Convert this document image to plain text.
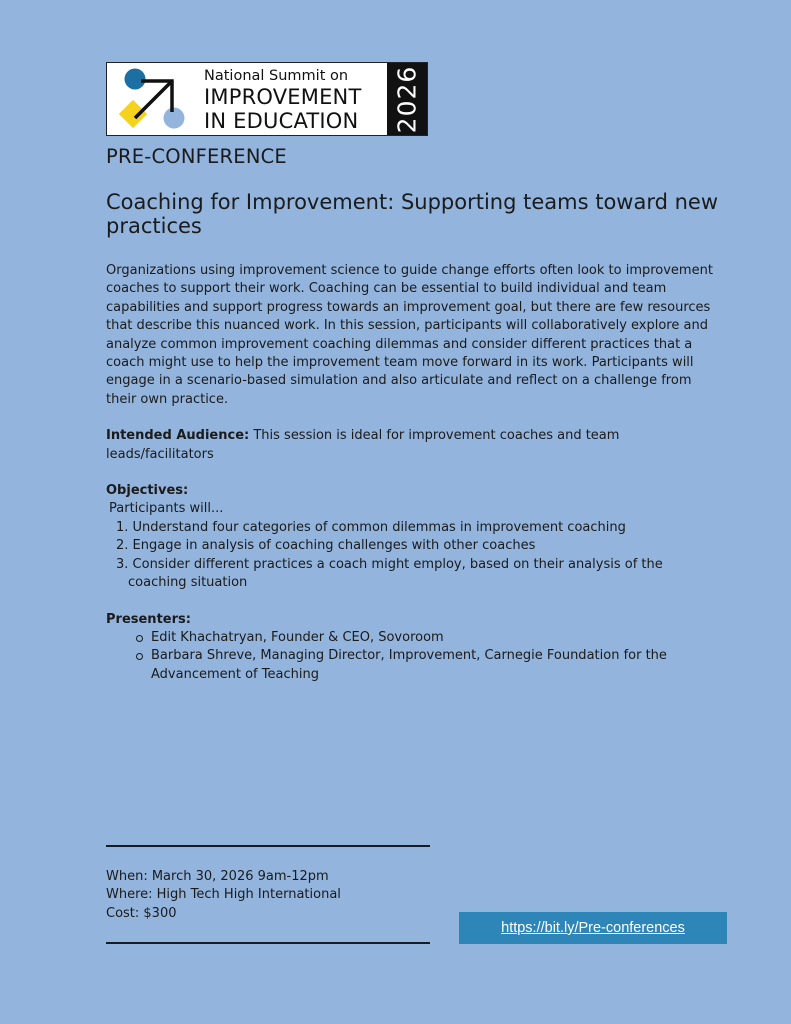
National Summit on
IMPROVEMENT
IN EDUCATION	2026
PRE-CONFERENCE
Coaching for Improvement: Supporting teams toward new practices

Organizations using improvement science to guide change efforts often look to improvement coaches to support their work. Coaching can be essential to build individual and team capabilities and support progress towards an improvement goal, but there are few resources that describe this nuanced work. In this session, participants will collaboratively explore and analyze common improvement coaching dilemmas and consider different practices that a coach might use to help the improvement team move forward in its work. Participants will engage in a scenario-based simulation and also articulate and reflect on a challenge from their own practice.

Intended Audience: This session is ideal for improvement coaches and team leads/facilitators

Objectives:

Participants will...

1. Understand four categories of common dilemmas in improvement coaching
2. Engage in analysis of coaching challenges with other coaches
3. Consider different practices a coach might employ, based on their analysis of the coaching situation

Presenters:

Edit Khachatryan, Founder & CEO, Sovoroom
Barbara Shreve, Managing Director, Improvement, Carnegie Foundation for the Advancement of Teaching
When: March 30, 2026 9am-12pm
Where: High Tech High International
Cost: $300
https://bit.ly/Pre-conferences
